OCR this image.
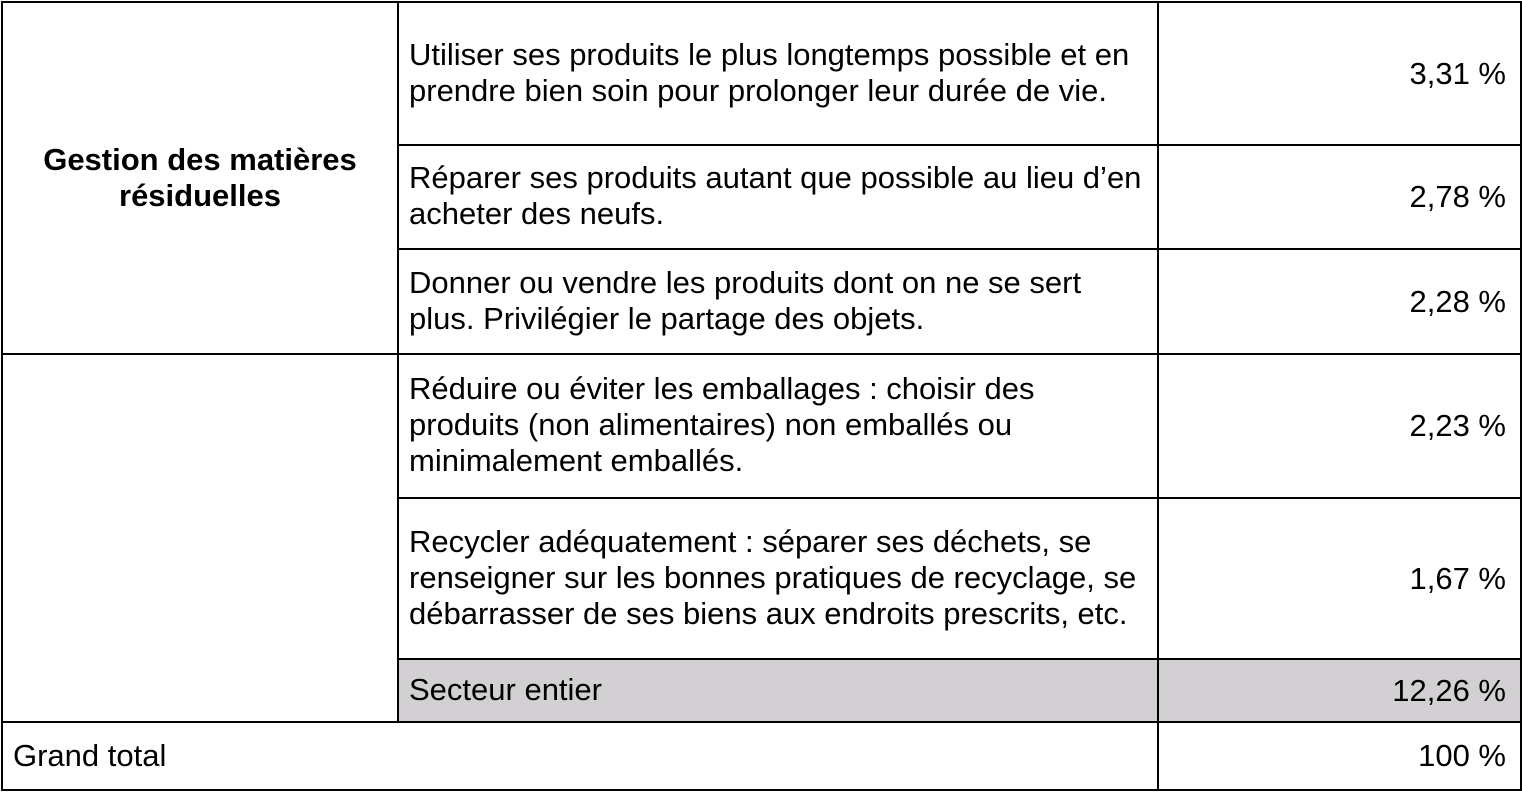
Gestion des matières résiduelles	Utiliser ses produits le plus longtemps possible et en prendre bien soin pour prolonger leur durée de vie.	3,31 %
	Réparer ses produits autant que possible au lieu d’en acheter des neufs.	2,78 %
	Donner ou vendre les produits dont on ne se sert plus. Privilégier le partage des objets.	2,28 %
	Réduire ou éviter les emballages : choisir des produits (non alimentaires) non emballés ou minimalement emballés.	2,23 %
	Recycler adéquatement : séparer ses déchets, se renseigner sur les bonnes pratiques de recyclage, se débarrasser de ses biens aux endroits prescrits, etc.	1,67 %
	Secteur entier	12,26 %
Grand total		100 %
